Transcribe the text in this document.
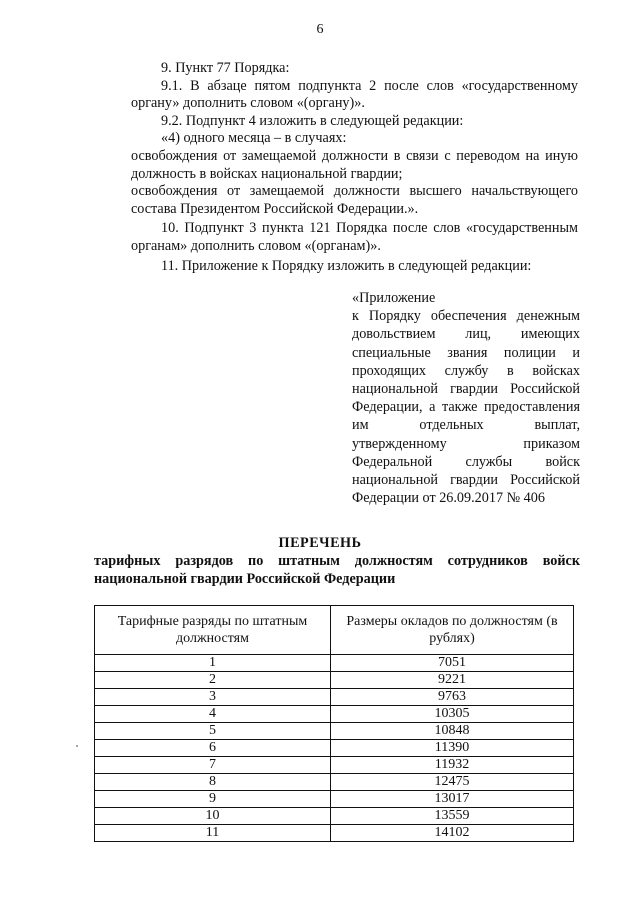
6

9. Пункт 77 Порядка:

9.1. В абзаце пятом подпункта 2 после слов «государственному органу» дополнить словом «(органу)».

9.2. Подпункт 4 изложить в следующей редакции:

«4) одного месяца – в случаях:

освобождения от замещаемой должности в связи с переводом на иную должность в войсках национальной гвардии;

освобождения от замещаемой должности высшего начальствующего состава Президентом Российской Федерации.».

10. Подпункт 3 пункта 121 Порядка после слов «государственным органам» дополнить словом «(органам)».

11. Приложение к Порядку изложить в следующей редакции:

«Приложение

к Порядку обеспечения денежным довольствием лиц, имеющих специальные звания полиции и проходящих службу в войсках национальной гвардии Российской Федерации, а также предоставления им отдельных выплат, утвержденному приказом Федеральной службы войск национальной гвардии Российской

Федерации от 26.09.2017 № 406

ПЕРЕЧЕНЬ
тарифных разрядов по штатным должностям сотрудников войск национальной гвардии Российской Федерации
Тарифные разряды по штатным должностям	Размеры окладов по должностям (в рублях)
1	7051
2	9221
3	9763
4	10305
5	10848
6	11390
7	11932
8	12475
9	13017
10	13559
11	14102
